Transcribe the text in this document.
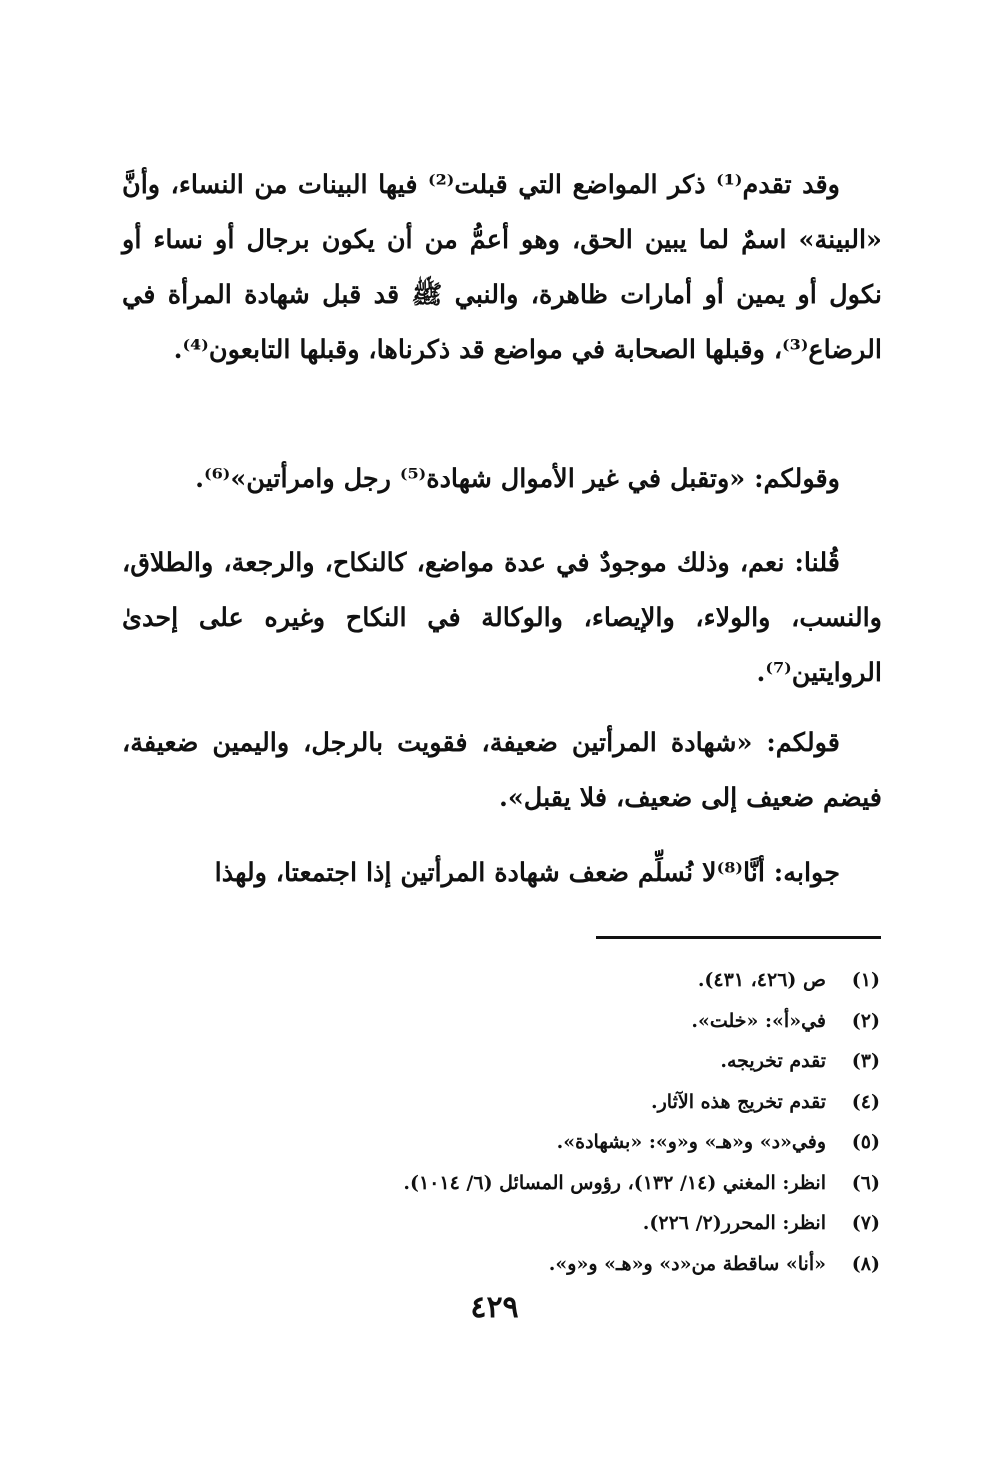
وقد تقدم⁽¹⁾ ذكر المواضع التي قبلت⁽²⁾ فيها البينات من النساء، وأنَّ «البينة» اسمٌ لما يبين الحق، وهو أعمُّ من أن يكون برجال أو نساء أو نكول أو يمين أو أمارات ظاهرة، والنبي ﷺ قد قبل شهادة المرأة في الرضاع⁽³⁾، وقبلها الصحابة في مواضع قد ذكرناها، وقبلها التابعون⁽⁴⁾.

وقولكم: «وتقبل في غير الأموال شهادة⁽⁵⁾ رجل وامرأتين»⁽⁶⁾.

قُلنا: نعم، وذلك موجودٌ في عدة مواضع، كالنكاح، والرجعة، والطلاق، والنسب، والولاء، والإيصاء، والوكالة في النكاح وغيره على إحدىٰ الروايتين⁽⁷⁾.

قولكم: «شهادة المرأتين ضعيفة، فقويت بالرجل، واليمين ضعيفة، فيضم ضعيف إلى ضعيف، فلا يقبل».

جوابه: أنَّا⁽⁸⁾لا نُسلِّم ضعف شهادة المرأتين إذا اجتمعتا، ولهذا

(١)ص (٤٢٦، ٤٣١).
(٢)في«أ»: «خلت».
(٣)تقدم تخريجه.
(٤)تقدم تخريج هذه الآثار.
(٥)وفي«د» و«هـ» و«و»: «بشهادة».
(٦)انظر: المغني (١٤/ ١٣٢)، رؤوس المسائل (٦/ ١٠١٤).
(٧)انظر: المحرر(٢/ ٢٢٦).
(٨)«أنا» ساقطة من«د» و«هـ» و«و».
٤٢٩
